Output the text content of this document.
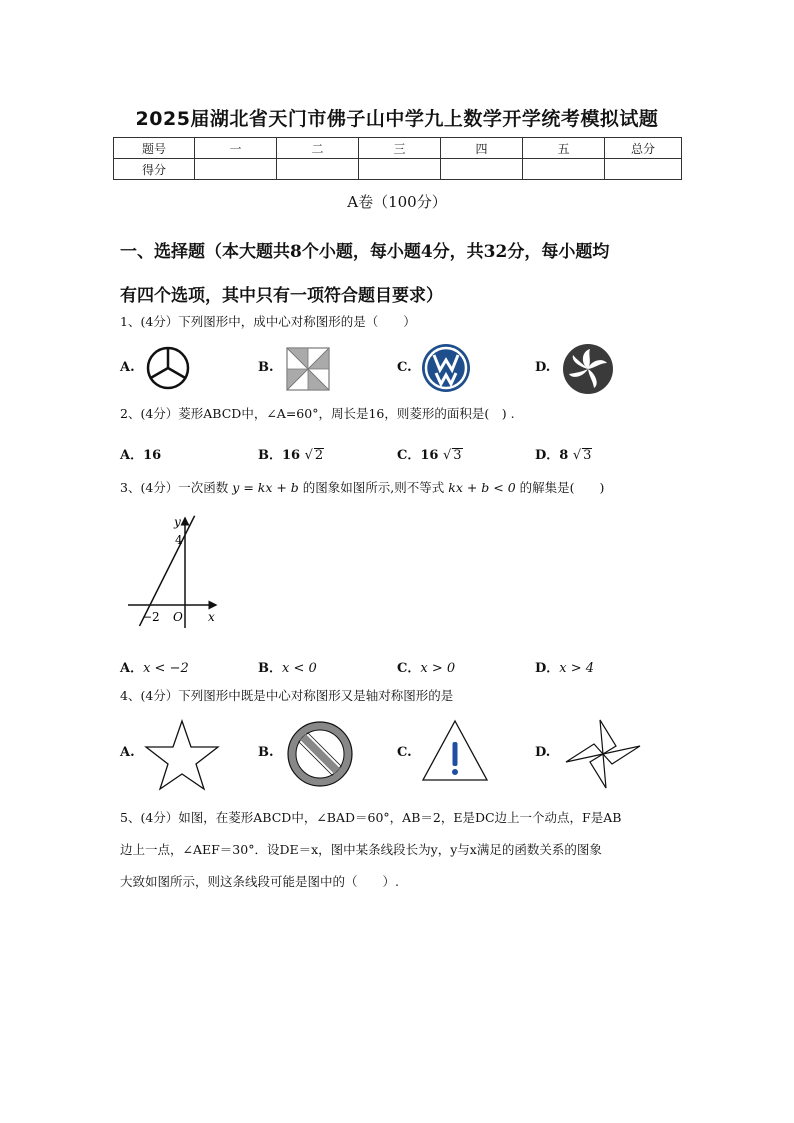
2025届湖北省天门市佛子山中学九上数学开学统考模拟试题
题号	一	二	三	四	五	总分
得分						
A卷（100分）
一、选择题（本大题共8个小题，每小题4分，共32分，每小题均
有四个选项，其中只有一项符合题目要求）
1、(4分）下列图形中，成中心对称图形的是（　　）
A.	B.	C.	D.
2、(4分）菱形ABCD中，∠A=60°，周长是16，则菱形的面积是(　) .
A．16	B．16 √ 2	C．16 √ 3	D．8 √ 3
3、(4分）一次函数 y = kx + b 的图象如图所示,则不等式 kx + b < 0 的解集是(　　)
y
x
4
−2 O
A．x < −2	B．x < 0	C．x > 0	D．x > 4
4、(4分）下列图形中既是中心对称图形又是轴对称图形的是
A.	B.	C.	D.
5、(4分）如图，在菱形ABCD中，∠BAD＝60°，AB＝2，E是DC边上一个动点，F是AB
边上一点，∠AEF＝30°．设DE＝x，图中某条线段长为y，y与x满足的函数关系的图象
大致如图所示，则这条线段可能是图中的（　　）.
